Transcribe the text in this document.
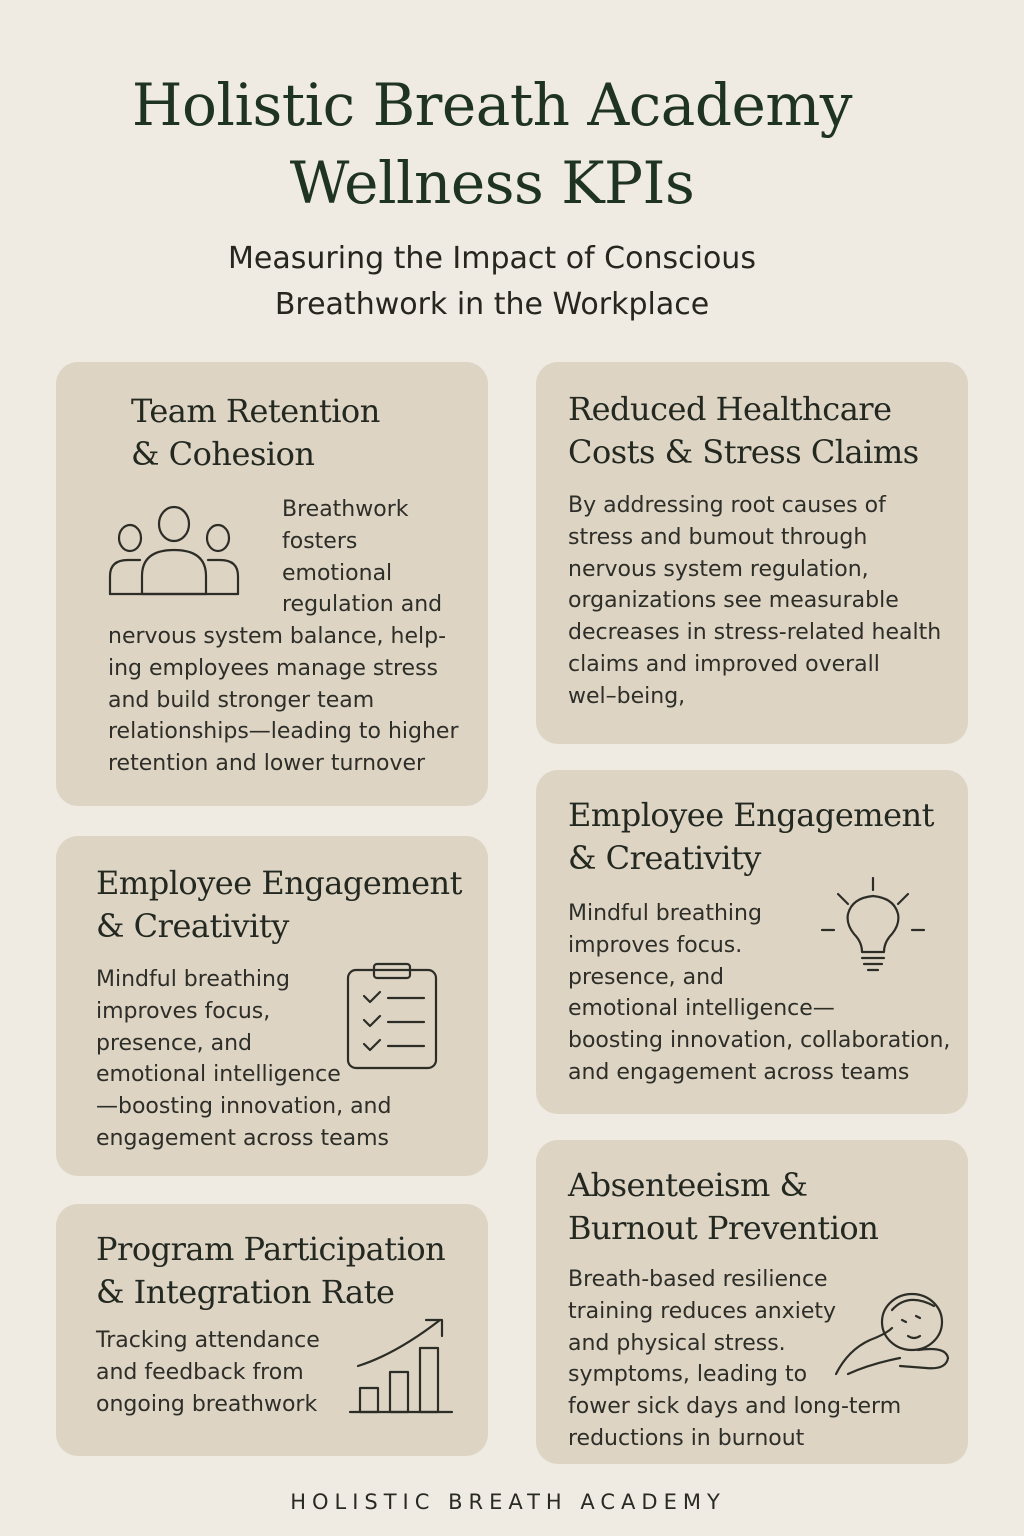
Holistic Breath Academy
Wellness KPIs
Measuring the Impact of Conscious
Breathwork in the Workplace
Team Retention
& Cohesion

Breathwork
fosters
emotional
regulation and

nervous system balance, help-
ing employees manage stress
and build stronger team
relationships—leading to higher
retention and lower turnover

Reduced Healthcare
Costs & Stress Claims

By addressing root causes of
stress and bumout through
nervous system regulation,
organizations see measurable
decreases in stress-related health
claims and improved overall
wel–being,

Employee Engagement
& Creativity

Mindful breathing
improves focus,
presence, and
emotional intelligence
—boosting innovation, and
engagement across teams

Employee Engagement
& Creativity

Mindful breathing
improves focus.
presence, and
emotional intelligence—
boosting innovation, collaboration,
and engagement across teams

Program Participation
& Integration Rate

Tracking attendance
and feedback from
ongoing breathwork

Absenteeism &
Burnout Prevention

Breath-based resilience
training reduces anxiety
and physical stress.
symptoms, leading to
fower sick days and long-term
reductions in burnout

HOLISTIC BREATH ACADEMY
